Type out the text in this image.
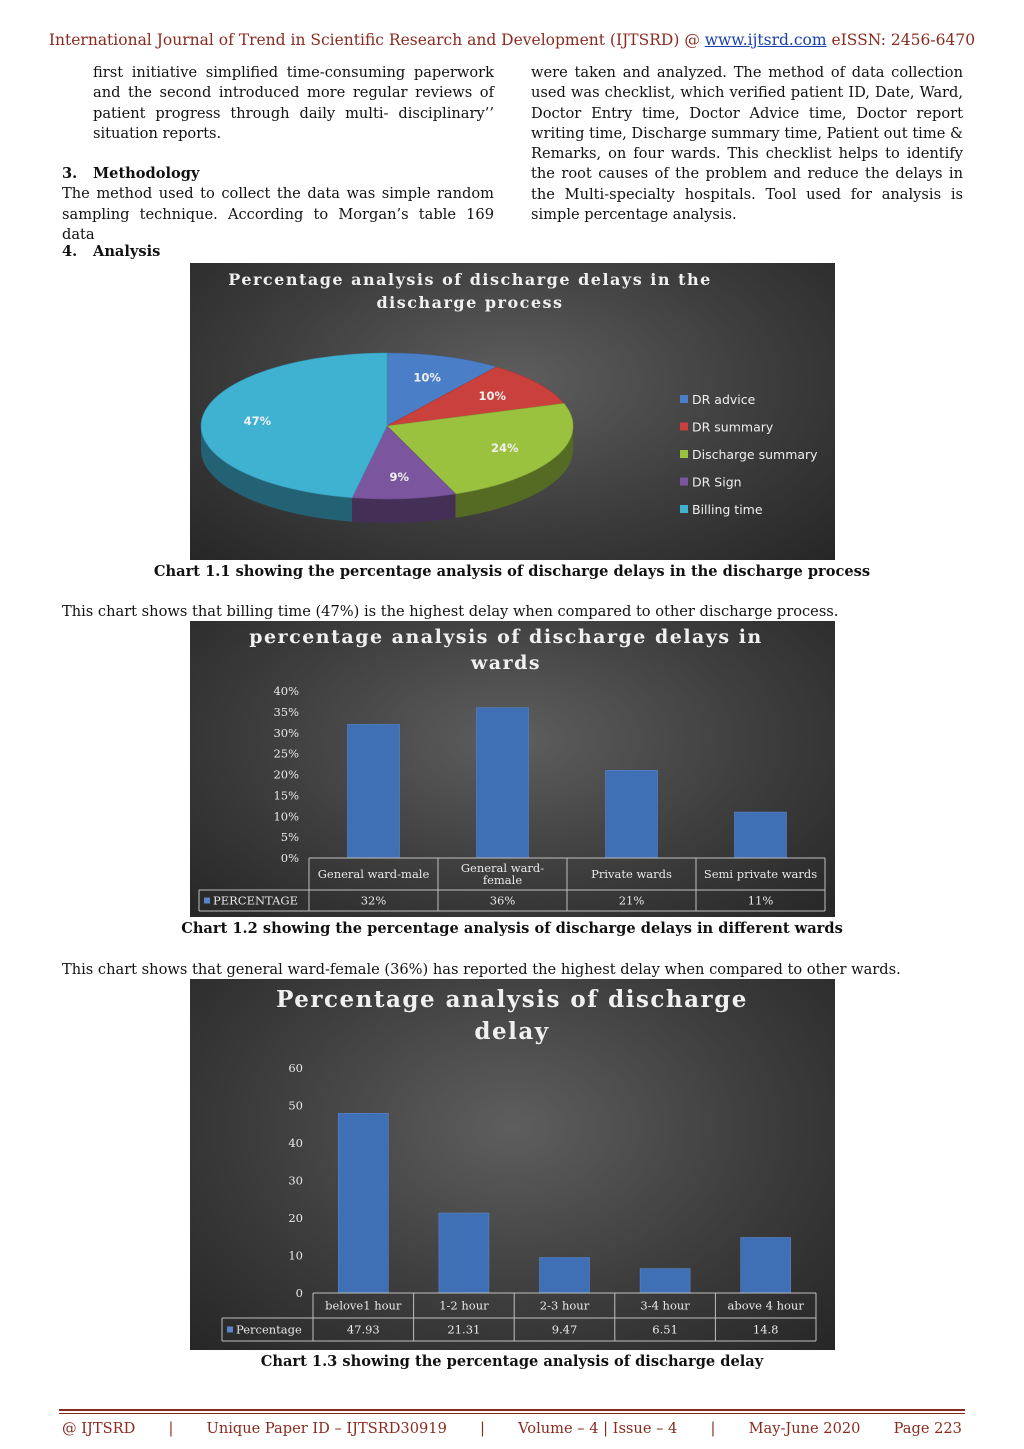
International Journal of Trend in Scientific Research and Development (IJTSRD) @ www.ijtsrd.com eISSN: 2456-6470

first initiative simplified time-consuming paperwork and the second introduced more regular reviews of patient progress through daily multi- disciplinary’’ situation reports.

3. Methodology

The method used to collect the data was simple random sampling technique. According to Morgan’s table 169 data

were taken and analyzed. The method of data collection used was checklist, which verified patient ID, Date, Ward, Doctor Entry time, Doctor Advice time, Doctor report writing time, Discharge summary time, Patient out time & Remarks, on four wards. This checklist helps to identify the root causes of the problem and reduce the delays in the Multi-specialty hospitals. Tool used for analysis is simple percentage analysis.

4. Analysis
Percentage analysis of discharge delays in the
discharge process
10%
10%
24%
9%
47%
DR advice
DR summary
Discharge summary
DR Sign
Billing time
Chart 1.1 showing the percentage analysis of discharge delays in the discharge process
This chart shows that billing time (47%) is the highest delay when compared to other discharge process.
percentage analysis of discharge delays in
wards
0%
5%
10%
15%
20%
25%
30%
35%
40%
General ward-male	General ward-female	Private wards	Semi private wards
32%	36%	21%	11%
PERCENTAGE
Chart 1.2 showing the percentage analysis of discharge delays in different wards
This chart shows that general ward-female (36%) has reported the highest delay when compared to other wards.
Percentage analysis of discharge
delay
0
10
20
30
40
50
60
belove1 hour	1-2 hour	2-3 hour	3-4 hour	above 4 hour
47.93	21.31	9.47	6.51	14.8
Percentage
Chart 1.3 showing the percentage analysis of discharge delay
@ IJTSRD | Unique Paper ID – IJTSRD30919 | Volume – 4 | Issue – 4 | May-June 2020 Page 223
